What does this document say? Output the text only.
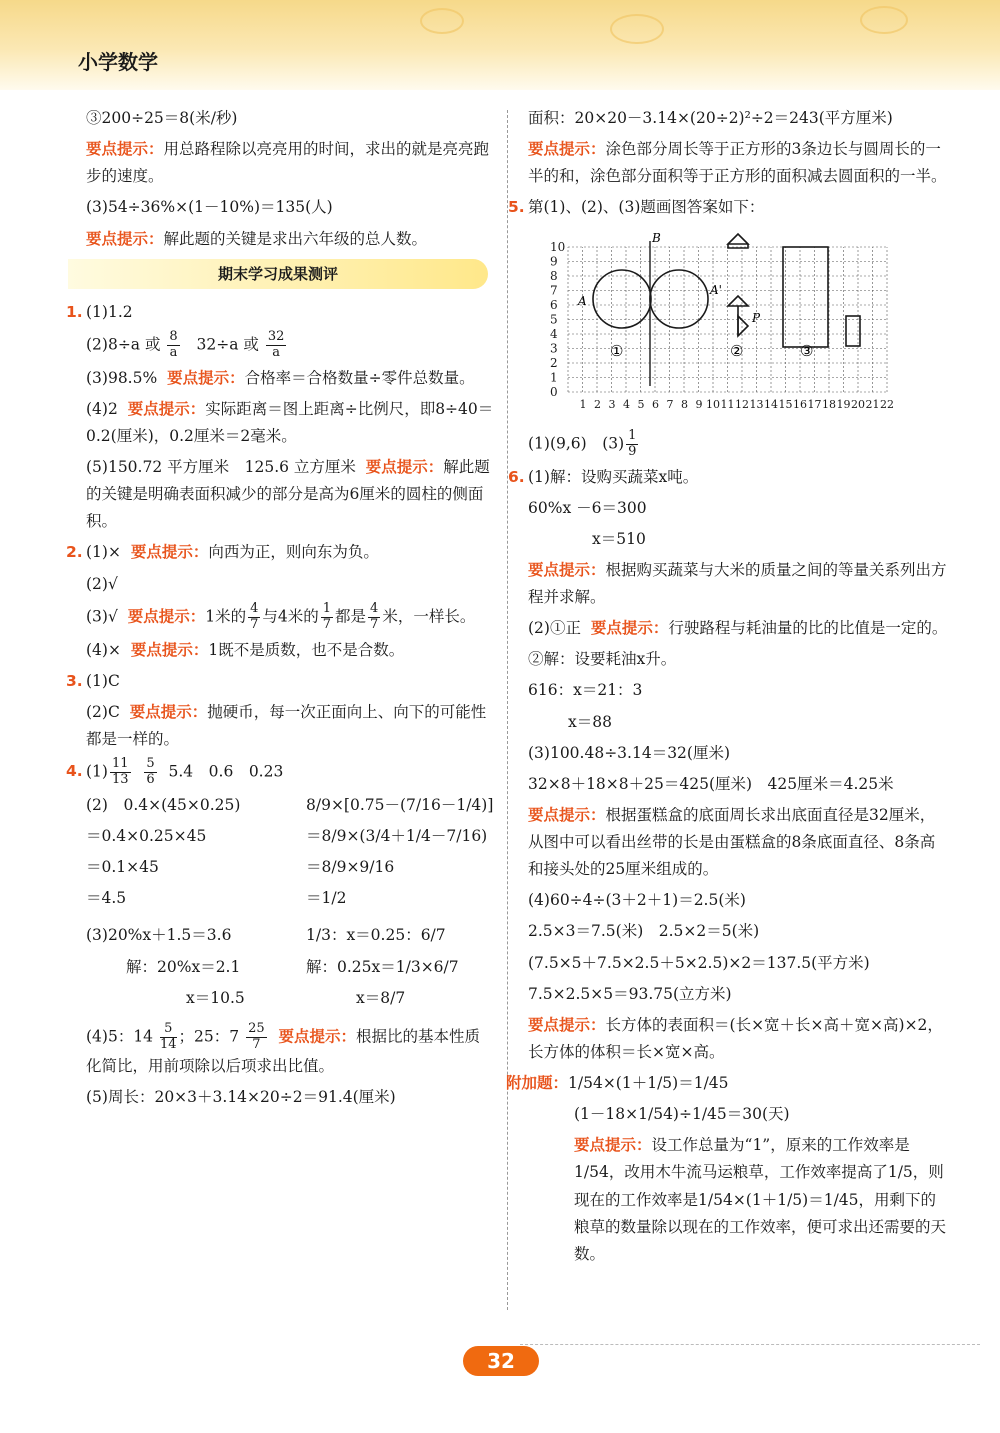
小学数学

③200÷25＝8(米/秒)

要点提示：用总路程除以亮亮用的时间，求出的就是亮亮跑步的速度。

(3)54÷36%×(1－10%)＝135(人)

要点提示：解此题的关键是求出六年级的总人数。

期末学习成果测评

1. (1)1.2

(2)8÷a 或 $\frac{8}{a} 32\div a$ 或 $\frac{32}{a}$

(3)98.5% 要点提示：合格率＝合格数量÷零件总数量。

(4)2 要点提示：实际距离＝图上距离÷比例尺，即8÷40＝0.2(厘米)，0.2厘米＝2毫米。

(5)150.72 平方厘米　125.6 立方厘米 要点提示：解此题的关键是明确表面积减少的部分是高为6厘米的圆柱的侧面积。

2. (1)× 要点提示：向西为正，则向东为负。

(2)√

(3)√ 要点提示：1米的 $\frac{4}{7}$ 与4米的 $\frac{1}{7}$ 都是 $\frac{4}{7}$ 米，一样长。

(4)× 要点提示：1既不是质数，也不是合数。

3. (1)C

(2)C 要点提示：抛硬币，每一次正面向上、向下的可能性都是一样的。

4. $(1) \frac{11}{13}$
$\frac{5}{6} 5.4$　0.6　0.23

(2)　0.4×(45×0.25)

＝0.4×0.25×45

＝0.1×45

＝4.5

8/9×[0.75－(7/16－1/4)]

＝8/9×(3/4＋1/4－7/16)

＝8/9×9/16

＝1/2

(3)20%x＋1.5＝3.6

解：20%x＝2.1

x＝10.5

1/3：x＝0.25：6/7

解：0.25x＝1/3×6/7

x＝8/7

(4)5：$14 \frac{5}{14}$ ；25：$7 \frac{25}{7}$ 要点提示：根据比的基本性质化简比，用前项除以后项求出比值。

(5)周长：20×3＋3.14×20÷2＝91.4(厘米)

面积：20×20－3.14×(20÷2)²÷2＝243(平方厘米)

要点提示：涂色部分周长等于正方形的3条边长与圆周长的一半的和，涂色部分面积等于正方形的面积减去圆面积的一半。

5. 第(1)、(2)、(3)题画图答案如下：

10
9
8
7
6
5
4
3
2
1
0
1 2 3 4 5 6 7 8 9 10 11 12 13 14 15 16 17 18 19 20 21 22
A
A'
B
P
①	②	③

(1)(9,6)　$(3) \frac{1}{9}$

6. (1)解：设购买蔬菜x吨。

60%x －6＝300

x＝510

要点提示：根据购买蔬菜与大米的质量之间的等量关系列出方程并求解。

(2)①正 要点提示：行驶路程与耗油量的比的比值是一定的。

②解：设要耗油x升。

616：x＝21：3

x＝88

(3)100.48÷3.14＝32(厘米)

32×8＋18×8＋25＝425(厘米)　425厘米＝4.25米

要点提示：根据蛋糕盒的底面周长求出底面直径是32厘米，从图中可以看出丝带的长是由蛋糕盒的8条底面直径、8条高和接头处的25厘米组成的。

(4)60÷4÷(3＋2＋1)＝2.5(米)

2.5×3＝7.5(米)　2.5×2＝5(米)

(7.5×5＋7.5×2.5＋5×2.5)×2＝137.5(平方米)

7.5×2.5×5＝93.75(立方米)

要点提示：长方体的表面积＝(长×宽＋长×高＋宽×高)×2，长方体的体积＝长×宽×高。

附加题：1/54×(1＋1/5)＝1/45

(1－18×1/54)÷1/45＝30(天)

要点提示：设工作总量为“1”，原来的工作效率是1/54，改用木牛流马运粮草，工作效率提高了1/5，则现在的工作效率是1/54×(1＋1/5)＝1/45，用剩下的粮草的数量除以现在的工作效率，便可求出还需要的天数。

32
